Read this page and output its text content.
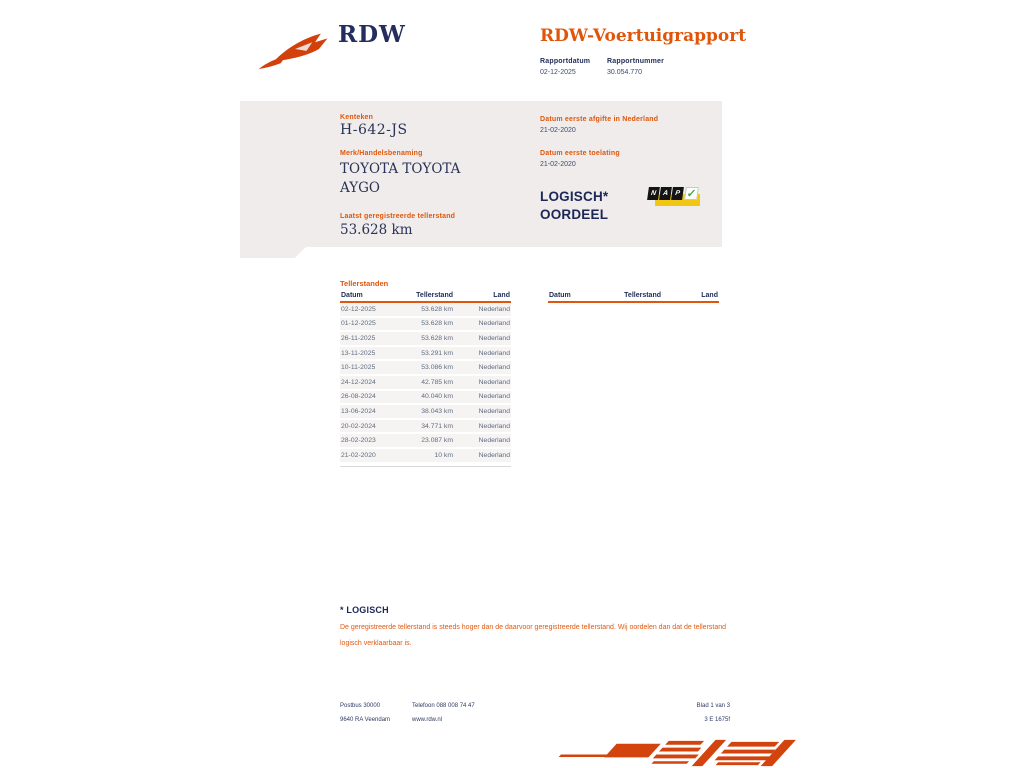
RDW	RDW-Voertuigrapport
Rapportdatum Rapportnummer
02-12-2025	30.054.770
Kenteken
H-642-JS
Merk/Handelsbenaming
TOYOTA TOYOTA AYGO
Laatst geregistreerde tellerstand
53.628 km
Datum eerste afgifte in Nederland
21-02-2020
Datum eerste toelating
21-02-2020
LOGISCH*
OORDEEL
N A P ✓
Tellerstanden
Datum	Tellerstand	Land
02-12-2025	53.628 km	Nederland
01-12-2025	53.628 km	Nederland
26-11-2025	53.628 km	Nederland
13-11-2025	53.291 km	Nederland
10-11-2025	53.086 km	Nederland
24-12-2024	42.785 km	Nederland
26-08-2024	40.040 km	Nederland
13-06-2024	38.043 km	Nederland
20-02-2024	34.771 km	Nederland
28-02-2023	23.087 km	Nederland
21-02-2020	10 km	Nederland
Datum	Tellerstand	Land
* LOGISCH
De geregistreerde tellerstand is steeds hoger dan de daarvoor geregistreerde tellerstand. Wij oordelen dan dat de tellerstand logisch verklaarbaar is.
Postbus 30000
9640 RA Veendam
Telefoon 088 008 74 47
www.rdw.nl
Blad 1 van 3
3 E 1675f
